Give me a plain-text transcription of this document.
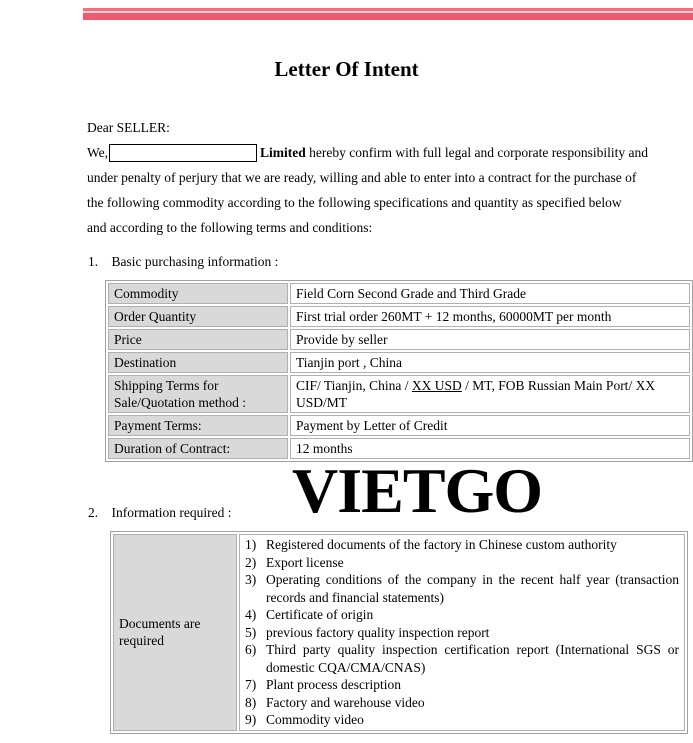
Letter Of Intent
Dear SELLER:
We,	Limited hereby confirm with full legal and corporate responsibility and
under penalty of perjury that we are ready, willing and able to enter into a contract for the purchase of
the following commodity according to the following specifications and quantity as specified below
and according to the following terms and conditions:
1. Basic purchasing information :
Commodity	Field Corn Second Grade and Third Grade
Order Quantity	First trial order 260MT + 12 months, 60000MT per month
Price	Provide by seller
Destination	Tianjin port , China
Shipping Terms for Sale/Quotation method :	CIF/ Tianjin, China / XX USD / MT, FOB Russian Main Port/ XX USD/MT
Payment Terms:	Payment by Letter of Credit
Duration of Contract:	12 months
VIETGO
2. Information required :
Documents are required	
1) Registered documents of the factory in Chinese custom authority
2) Export license
3) Operating conditions of the company in the recent half year (transaction records and financial statements)
4) Certificate of origin
5) previous factory quality inspection report
6) Third party quality inspection certification report (International SGS or domestic CQA/CMA/CNAS)
7) Plant process description
8) Factory and warehouse video
9) Commodity video
